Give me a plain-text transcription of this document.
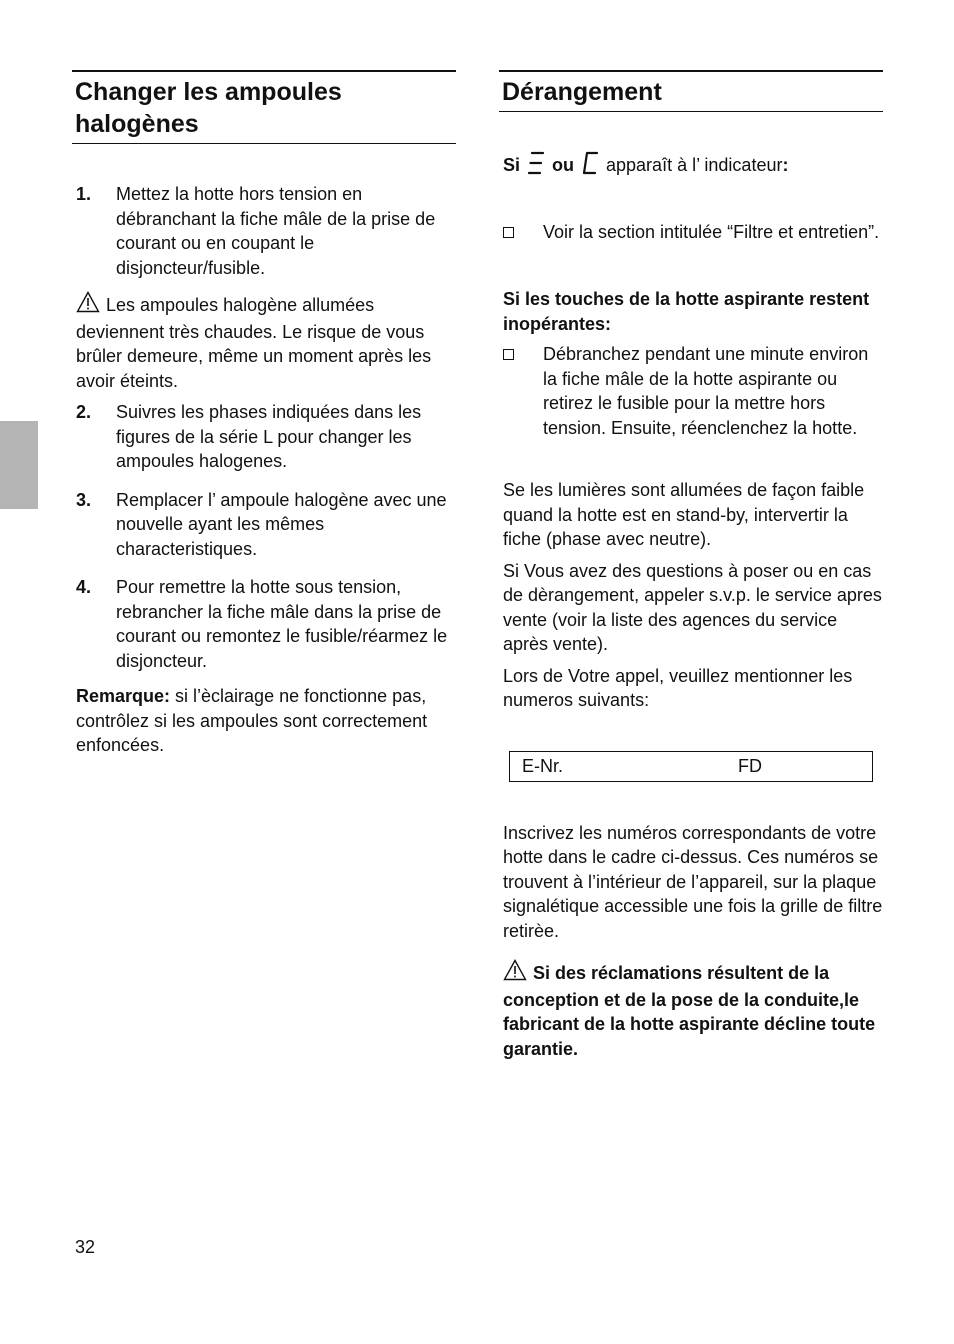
Changer les ampoules halogènes
1.	Mettez la hotte hors tension en débranchant la fiche mâle de la prise de courant ou en coupant le disjoncteur/fusible.

Les ampoules halogène allumées deviennent très chaudes. Le risque de vous brûler demeure, même un moment après les avoir éteints.

2.	Suivres les phases indiquées dans les figures de la série L pour changer les ampoules halogenes.
3.	Remplacer l’ ampoule halogène avec une nouvelle ayant les mêmes characteristiques.
4.	Pour remettre la hotte sous tension, rebrancher la fiche mâle dans la prise de courant ou remontez le fusible/réarmez le disjoncteur.

Remarque: si l’èclairage ne fonctionne pas, contrôlez si les ampoules sont correctement enfoncées.

Dérangement

Si ou apparaît à l’ indicateur:

Voir la section intitulée “Filtre et entretien”.

Si les touches de la hotte aspirante restent inopérantes:

Débranchez pendant une minute environ la fiche mâle de la hotte aspirante ou retirez le fusible pour la mettre hors tension. Ensuite, réenclenchez la hotte.

Se les lumières sont allumées de façon faible quand la hotte est en stand-by, intervertir la fiche (phase avec neutre).

Si Vous avez des questions à poser ou en cas de dèrangement, appeler s.v.p. le service apres vente (voir la liste des agences du service après vente).

Lors de Votre appel, veuillez mentionner les numeros suivants:

E-Nr.	FD

Inscrivez les numéros correspondants de votre hotte dans le cadre ci-dessus. Ces numéros se trouvent à l’intérieur de l’appareil, sur la plaque signalétique accessible une fois la grille de filtre retirèe.

Si des réclamations résultent de la conception et de la pose de la conduite,le fabricant de la hotte aspirante décline toute garantie.

32
